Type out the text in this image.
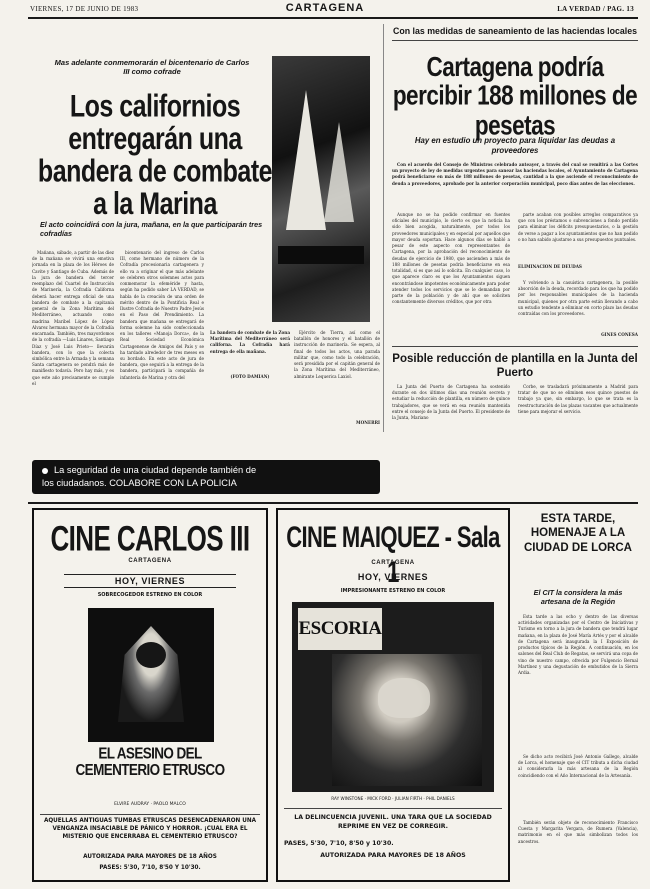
VIERNES, 17 DE JUNIO DE 1983	CARTAGENA	LA VERDAD / PAG. 13
Mas adelante conmemorarán el bicentenario de Carlos III como cofrade
Los californios entregarán una bandera de combate a la Marina
El acto coincidirá con la jura, mañana, en la que participarán tres cofradías

Mañana, sábado, a partir de las diez de la mañana se vivirá una emotiva jornada en la plaza de los Héroes de Cavite y Santiago de Cuba. Además de la jura de bandera del tercer reemplazo del Cuartel de Instrucción de Marinería, la Cofradía Californa deberá hacer entrega oficial de una bandera de combate a la capitanía general de la Zona Marítima del Mediterráneo, actuando como madrina Maribel López de López Alvarez hermana mayor de la Cofradía encarnada. También, tres mayordomos de la cofradía —Luis Linares, Santiago Díaz y José Luis Prieto— llevarán bandera, con lo que la colecta simbólica entre la Armada y la semana Santa cartagenera se pondrá más de manifiesto todavía. Pero hay más, y es que este año precisamente se cumple el

bicentenario del ingreso de Carlos III, como hermano de número de la Cofradía procesionaria cartagenera y ello va a originar el que más adelante se celebren otros solemnes actos para conmemorar la efeméride y hasta, según ha podido saber LA VERDAD, se habla de la creación de una orden de mérito dentro de la Pontificia Real e Ilustre Cofradía de Nuestro Padre Jesús en el Paso del Prendimiento. La bandera que mañana se entregará de forma solemne ha sido confeccionada en los talleres «Manoja Dorca», de la Real Sociedad Económica Cartagenense de Amigos del País y se ha tardado alrededor de tres meses en su bordado. En este acto de jura de bandera, que seguirá a la entrega de la bandera, participará la compañía de infantería de Marina y otra del

La bandera de combate de la Zona Marítima del Mediterráneo será californa. La Cofradía hará entrega de ella mañana.
(FOTO DAMIAN)

Ejército de Tierra, así como el batallón de honores y el batallón de instrucción de marinería. Se espera, al final de todos los actos, una parada militar que, como todo la celebración, será presidida por el capitán general de la Zona Marítima del Mediterráneo, almirante Lequerica Laxiol.

MONERRI
Con las medidas de saneamiento de las haciendas locales
Cartagena podría percibir 188 millones de pesetas
Hay en estudio un proyecto para liquidar las deudas a proveedores

Con el acuerdo del Consejo de Ministros celebrado anteayer, a través del cual se remitirá a las Cortes un proyecto de ley de medidas urgentes para sanear las haciendas locales, el Ayuntamiento de Cartagena podrá beneficiarse en más de 188 millones de pesetas, cantidad a la que asciende el reconocimiento de deuda a proveedores, aprobado por la anterior corporación municipal, poco días antes de las elecciones.

Aunque no se ha podido confirmar en fuentes oficiales del municipio, lo cierto es que la noticia ha sido bien acogida, naturalmente, por todos los proveedores municipales y en especial por aquellos que mayor deuda soportan. Hace algunos días se habló a pesar de este aspecto con representantes de Cartagena, por la aprobación del reconocimiento de deudas de ejercicio de 1980, que ascienden a más de 188 millones de pesetas podría beneficiarse en esa totalidad, si es que así lo solicita. En cualquier caso, lo que aparece claro es que los Ayuntamientos siguen encontrándose impotentes económicamente para poder atender todos los servicios que se le demandan por parte de la población y de ahí que se soliciten constantemente diversos créditos, que por otra

parte acaban con posibles arreglos comparativos ya que con los préstamos o subvenciones a fondo perdido para eliminar los déficits presupuestarios, o la gestión de verse a pagar a los ayuntamientos que no han pedido o no han sabido ajustarse a sus presupuestos puntuales.

ELIMINACION DE DEUDAS

Y volviendo a la casuística cartagenera, la posible absorción de la deuda, recordado para los que ha podido por los responsables municipales de la hacienda municipal, quienes por otra parte están llevando a cabo un estudio tendente a eliminar en corto plazo las deudas contraídas con los proveedores.

GINES CONESA
Posible reducción de plantilla en la Junta del Puerto

La Junta del Puerto de Cartagena ha sostenido durante en dos últimos días una reunión secreta y estudiar la reducción de plantilla, en número de quince trabajadores, que se verá en esa reunión mantenida entre el consejo de la Junta del Puerto. El presidente de la Junta, Mariano

Corbe, se trasladará próximamente a Madrid para tratar de que no se eliminen esos quince puestos de trabajo ya que, sin embargo, lo que se trata es la reestructuración de las plazas vacantes que actualmente tiene para mejorar el servicio.

La seguridad de una ciudad depende también de
los ciudadanos. COLABORE CON LA POLICIA
CINE CARLOS III
CARTAGENA
HOY, VIERNES
SOBRECOGEDOR ESTRENO EN COLOR
EL ASESINO DEL CEMENTERIO ETRUSCO
ELVIRE AUDRAY · PAOLO MALCO
AQUELLAS ANTIGUAS TUMBAS ETRUSCAS DESENCADENARON UNA VENGANZA INSACIABLE DE PÁNICO Y HORROR. ¡CUAL ERA EL MISTERIO QUE ENCERRABA EL CEMENTERIO ETRUSCO?
AUTORIZADA PARA MAYORES DE 18 AÑOS
PASES: 5'30, 7'10, 8'50 Y 10'30.
CINE MAIQUEZ - Sala 1
CARTAGENA
HOY, VIERNES
IMPRESIONANTE ESTRENO EN COLOR
ESCORIA
RAY WINSTONE · MICK FORD · JULIAN FIRTH · PHIL DANIELS
LA DELINCUENCIA JUVENIL. UNA TARA QUE LA SOCIEDAD REPRIME EN VEZ DE CORREGIR.
PASES, 5'30, 7'10, 8'50 y 10'30.
AUTORIZADA PARA MAYORES DE 18 AÑOS
ESTA TARDE, HOMENAJE A LA CIUDAD DE LORCA
El CIT la considera la más artesana de la Región

Esta tarde a las ocho y dentro de las diversas actividades organizadas por el Centro de Iniciativas y Turismo en torno a la jura de bandera que tendrá lugar mañana, en la plaza de José María Artés y por el alcalde de Cartagena será inaugurada la I Exposición de productos típicos de la Región. A continuación, en los salones del Real Club de Regatas, se servirá una copa de vino de nuestro campo, ofrecida por Fulgencio Bernal Martínez y una degustación de embutidos de la Sierra Ardia.

Se dicho acto recibirá José Antonio Gallego, alcalde de Lorca, el homenaje que el CIT tributa a dicha ciudad al considerarla la más artesana de la Región coincidiendo con el Año Internacional de la Artesanía.

También serán objeto de reconocimiento Francisco Cuesta y Margarita Vergara, de Rumera (Valencia), matrimonio en el que más simbolizan todos los ancestros.
